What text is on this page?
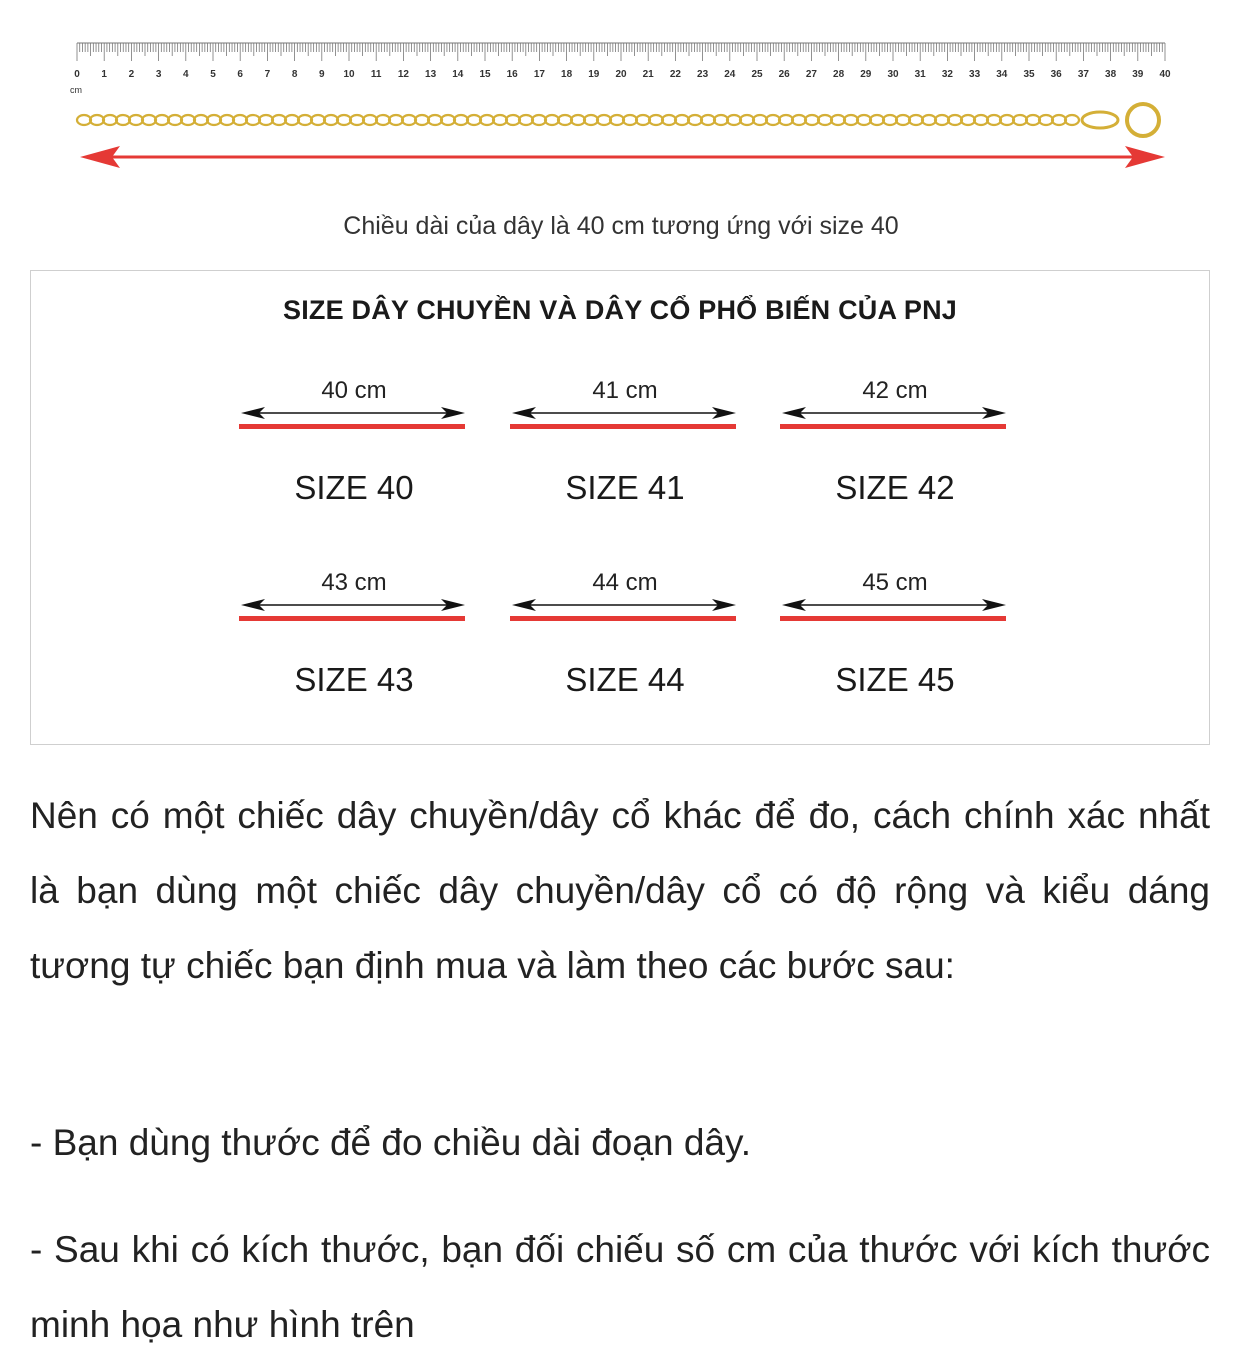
0 1 2 3 4 5 6 7 8 9 10 11 12 13 14 15 16 17 18 19 20 21 22 23 24 25 26 27 28 29 30 31 32 33 34 35 36 37 38 39 40
cm
Chiều dài của dây là 40 cm tương ứng với size 40
SIZE DÂY CHUYỀN VÀ DÂY CỔ PHỔ BIẾN CỦA PNJ
40 cm
SIZE 40
41 cm
SIZE 41
42 cm
SIZE 42
43 cm
SIZE 43
44 cm
SIZE 44
45 cm
SIZE 45
Nên có một chiếc dây chuyền/dây cổ khác để đo, cách chính xác nhất là bạn dùng một chiếc dây chuyền/dây cổ có độ rộng và kiểu dáng tương tự chiếc bạn định mua và làm theo các bước sau:
- Bạn dùng thước để đo chiều dài đoạn dây.
- Sau khi có kích thước, bạn đối chiếu số cm của thước với kích thước minh họa như hình trên
